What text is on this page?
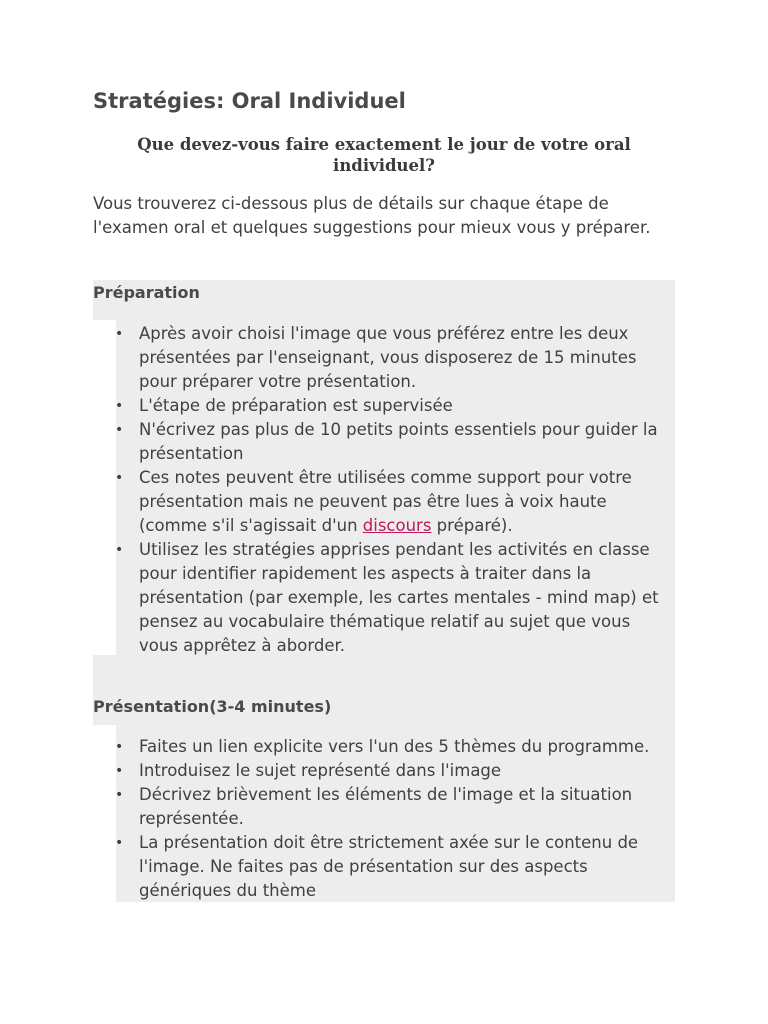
Stratégies: Oral Individuel
Que devez-vous faire exactement le jour de votre oral individuel?

Vous trouverez ci-dessous plus de détails sur chaque étape de l'examen oral et quelques suggestions pour mieux vous y préparer.

Préparation
• Après avoir choisi l'image que vous préférez entre les deux présentées par l'enseignant, vous disposerez de 15 minutes pour préparer votre présentation.
• L'étape de préparation est supervisée
• N'écrivez pas plus de 10 petits points essentiels pour guider la présentation
• Ces notes peuvent être utilisées comme support pour votre présentation mais ne peuvent pas être lues à voix haute (comme s'il s'agissait d'un discours préparé).
• Utilisez les stratégies apprises pendant les activités en classe pour identifier rapidement les aspects à traiter dans la présentation (par exemple, les cartes mentales - mind map) et pensez au vocabulaire thématique relatif au sujet que vous vous apprêtez à aborder.
Présentation(3-4 minutes)
• Faites un lien explicite vers l'un des 5 thèmes du programme.
• Introduisez le sujet représenté dans l'image
• Décrivez brièvement les éléments de l'image et la situation représentée.
• La présentation doit être strictement axée sur le contenu de l'image. Ne faites pas de présentation sur des aspects génériques du thème
